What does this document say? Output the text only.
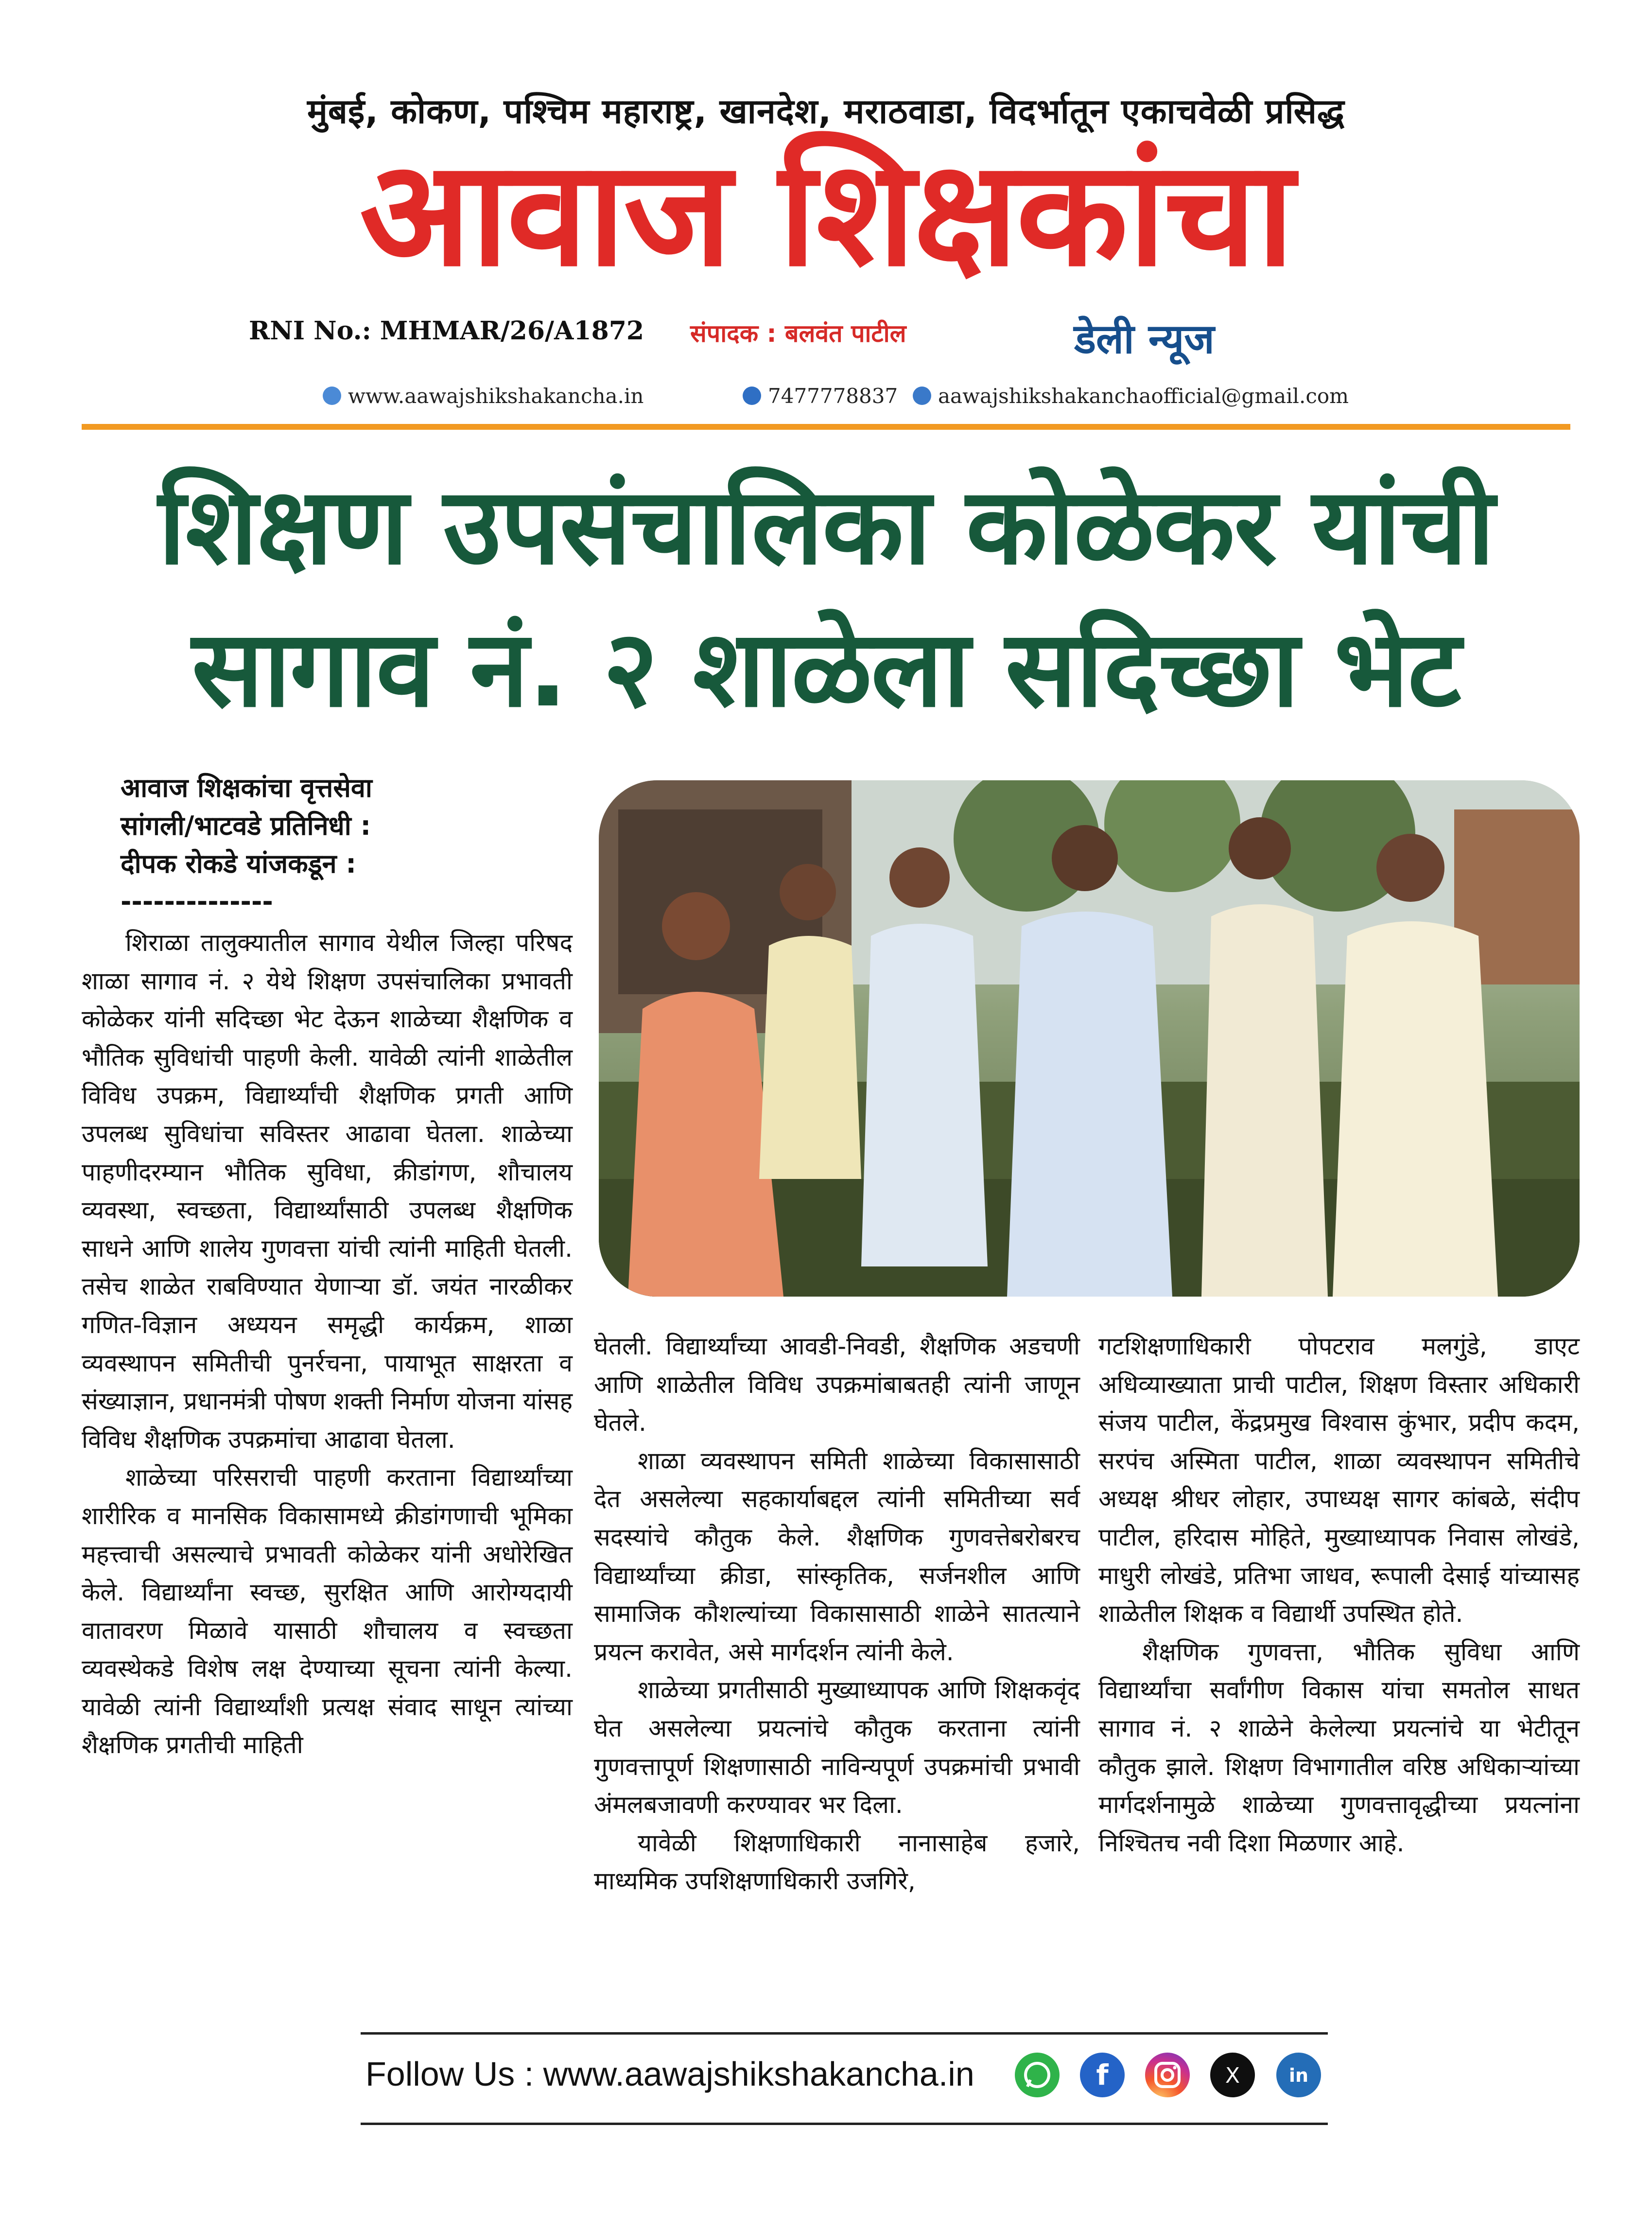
मुंबई, कोकण, पश्चिम महाराष्ट्र, खानदेश, मराठवाडा, विदर्भातून एकाचवेळी प्रसिद्ध
आवाज शिक्षकांचा
RNI No.: MHMAR/26/A1872 संपादक : बलवंत पाटील	डेली न्यूज
www.aawajshikshakancha.in	7477778837	aawajshikshakanchaofficial@gmail.com
शिक्षण उपसंचालिका कोळेकर यांची
सागाव नं. २ शाळेला सदिच्छा भेट
आवाज शिक्षकांचा वृत्तसेवा
सांगली/भाटवडे प्रतिनिधी :
दीपक रोकडे यांजकडून :
--------------

शिराळा तालुक्यातील सागाव येथील जिल्हा परिषद शाळा सागाव नं. २ येथे शिक्षण उपसंचालिका प्रभावती कोळेकर यांनी सदिच्छा भेट देऊन शाळेच्या शैक्षणिक व भौतिक सुविधांची पाहणी केली. यावेळी त्यांनी शाळेतील विविध उपक्रम, विद्यार्थ्यांची शैक्षणिक प्रगती आणि उपलब्ध सुविधांचा सविस्तर आढावा घेतला. शाळेच्या पाहणीदरम्यान भौतिक सुविधा, क्रीडांगण, शौचालय व्यवस्था, स्वच्छता, विद्यार्थ्यांसाठी उपलब्ध शैक्षणिक साधने आणि शालेय गुणवत्ता यांची त्यांनी माहिती घेतली. तसेच शाळेत राबविण्यात येणाऱ्या डॉ. जयंत नारळीकर गणित-विज्ञान अध्ययन समृद्धी कार्यक्रम, शाळा व्यवस्थापन समितीची पुनर्रचना, पायाभूत साक्षरता व संख्याज्ञान, प्रधानमंत्री पोषण शक्ती निर्माण योजना यांसह विविध शैक्षणिक उपक्रमांचा आढावा घेतला.

शाळेच्या परिसराची पाहणी करताना विद्यार्थ्यांच्या शारीरिक व मानसिक विकासामध्ये क्रीडांगणाची भूमिका महत्त्वाची असल्याचे प्रभावती कोळेकर यांनी अधोरेखित केले. विद्यार्थ्यांना स्वच्छ, सुरक्षित आणि आरोग्यदायी वातावरण मिळावे यासाठी शौचालय व स्वच्छता व्यवस्थेकडे विशेष लक्ष देण्याच्या सूचना त्यांनी केल्या. यावेळी त्यांनी विद्यार्थ्यांशी प्रत्यक्ष संवाद साधून त्यांच्या शैक्षणिक प्रगतीची माहिती

घेतली. विद्यार्थ्यांच्या आवडी-निवडी, शैक्षणिक अडचणी आणि शाळेतील विविध उपक्रमांबाबतही त्यांनी जाणून घेतले.

शाळा व्यवस्थापन समिती शाळेच्या विकासासाठी देत असलेल्या सहकार्याबद्दल त्यांनी समितीच्या सर्व सदस्यांचे कौतुक केले. शैक्षणिक गुणवत्तेबरोबरच विद्यार्थ्यांच्या क्रीडा, सांस्कृतिक, सर्जनशील आणि सामाजिक कौशल्यांच्या विकासासाठी शाळेने सातत्याने प्रयत्न करावेत, असे मार्गदर्शन त्यांनी केले.

शाळेच्या प्रगतीसाठी मुख्याध्यापक आणि शिक्षकवृंद घेत असलेल्या प्रयत्नांचे कौतुक करताना त्यांनी गुणवत्तापूर्ण शिक्षणासाठी नाविन्यपूर्ण उपक्रमांची प्रभावी अंमलबजावणी करण्यावर भर दिला.

यावेळी शिक्षणाधिकारी नानासाहेब हजारे, माध्यमिक उपशिक्षणाधिकारी उजगिरे,

गटशिक्षणाधिकारी पोपटराव मलगुंडे, डाएट अधिव्याख्याता प्राची पाटील, शिक्षण विस्तार अधिकारी संजय पाटील, केंद्रप्रमुख विश्वास कुंभार, प्रदीप कदम, सरपंच अस्मिता पाटील, शाळा व्यवस्थापन समितीचे अध्यक्ष श्रीधर लोहार, उपाध्यक्ष सागर कांबळे, संदीप पाटील, हरिदास मोहिते, मुख्याध्यापक निवास लोखंडे, माधुरी लोखंडे, प्रतिभा जाधव, रूपाली देसाई यांच्यासह शाळेतील शिक्षक व विद्यार्थी उपस्थित होते.

शैक्षणिक गुणवत्ता, भौतिक सुविधा आणि विद्यार्थ्यांचा सर्वांगीण विकास यांचा समतोल साधत सागाव नं. २ शाळेने केलेल्या प्रयत्नांचे या भेटीतून कौतुक झाले. शिक्षण विभागातील वरिष्ठ अधिकाऱ्यांच्या मार्गदर्शनामुळे शाळेच्या गुणवत्तावृद्धीच्या प्रयत्नांना निश्चितच नवी दिशा मिळणार आहे.

Follow Us : www.aawajshikshakancha.in	f	X	in
